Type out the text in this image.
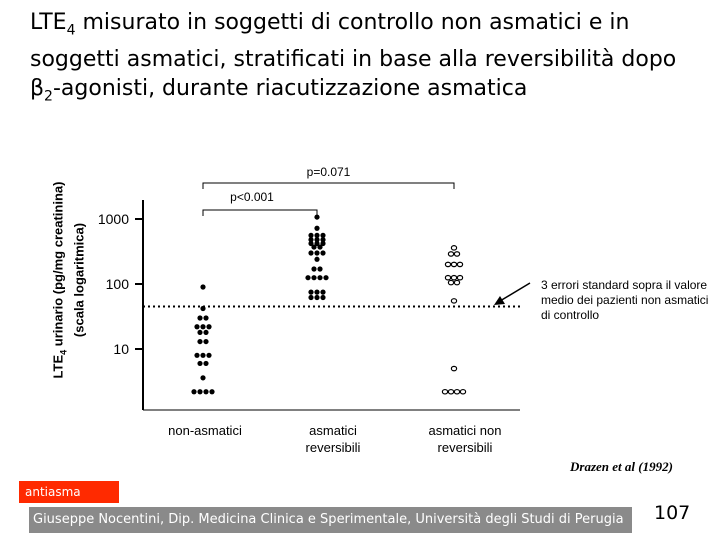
$LTE_4$ misurato in soggetti di controllo non asmatici e in soggetti asmatici, stratificati in base alla reversibilità dopo $\beta_2$-agonisti, durante riacutizzazione asmatica
$LTE_4$ urinario (pg/mg creatinina) (scala logaritmica)
1000
100
10
p=0.071
p<0.001
3 errori standard sopra il valore medio dei pazienti non asmatici di controllo
non-asmatici	asmatici
reversibili
asmatici non
reversibili
Drazen et al (1992)
antiasma
Giuseppe Nocentini, Dip. Medicina Clinica e Sperimentale, Università degli Studi di Perugia	107
